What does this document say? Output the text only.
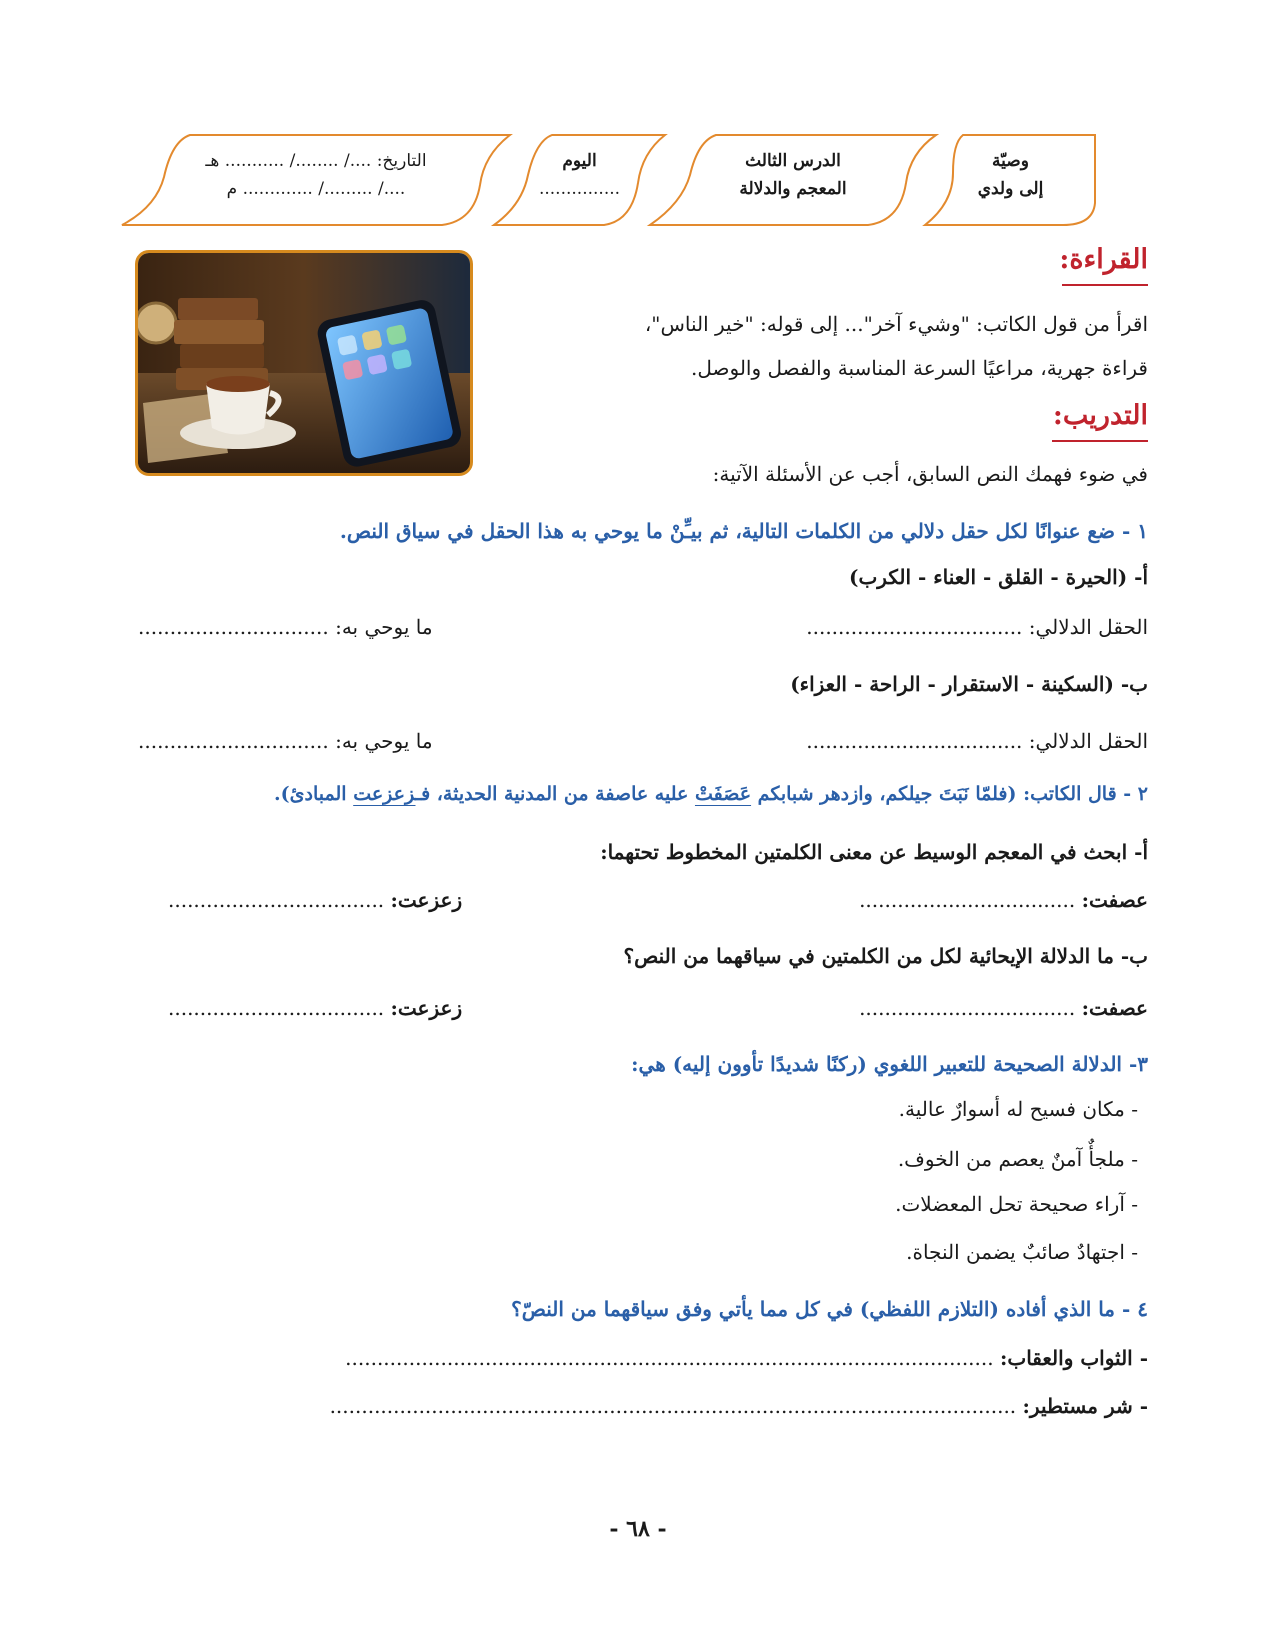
وصيّة
إلى ولدي
الدرس الثالث
المعجم والدلالة
اليوم
...............
التاريخ: ..../ ......../ ........... هـ
..../ ........./ ............. م
القراءة:
اقرأ من قول الكاتب: "وشيء آخر"... إلى قوله: "خير الناس"،
قراءة جهرية، مراعيًا السرعة المناسبة والفصل والوصل.
التدريب:
في ضوء فهمك النص السابق، أجب عن الأسئلة الآتية:
١ - ضع عنوانًا لكل حقل دلالي من الكلمات التالية، ثم بيـِّنْ ما يوحي به هذا الحقل في سياق النص.
أ- (الحيرة - القلق - العناء - الكرب)
الحقل الدلالي: ..................................
ما يوحي به: ..............................
ب- (السكينة - الاستقرار - الراحة - العزاء)
الحقل الدلالي: ..................................
ما يوحي به: ..............................
٢ - قال الكاتب: (فلمّا نَبَتَ جيلكم، وازدهر شبابكم عَصَفَتْ عليه عاصفة من المدنية الحديثة، فـزعزعت المبادئ).
أ- ابحث في المعجم الوسيط عن معنى الكلمتين المخطوط تحتهما:
عصفت: ..................................
زعزعت: ..................................
ب- ما الدلالة الإيحائية لكل من الكلمتين في سياقهما من النص؟
عصفت: ..................................
زعزعت: ..................................
٣- الدلالة الصحيحة للتعبير اللغوي (ركنًا شديدًا تأوون إليه) هي:
- مكان فسيح له أسوارٌ عالية.
- ملجأٌ آمنٌ يعصم من الخوف.
- آراء صحيحة تحل المعضلات.
- اجتهادٌ صائبٌ يضمن النجاة.
٤ - ما الذي أفاده (التلازم اللفظي) في كل مما يأتي وفق سياقهما من النصّ؟
- الثواب والعقاب: ......................................................................................................
- شر مستطير: ............................................................................................................
- ٦٨ -
